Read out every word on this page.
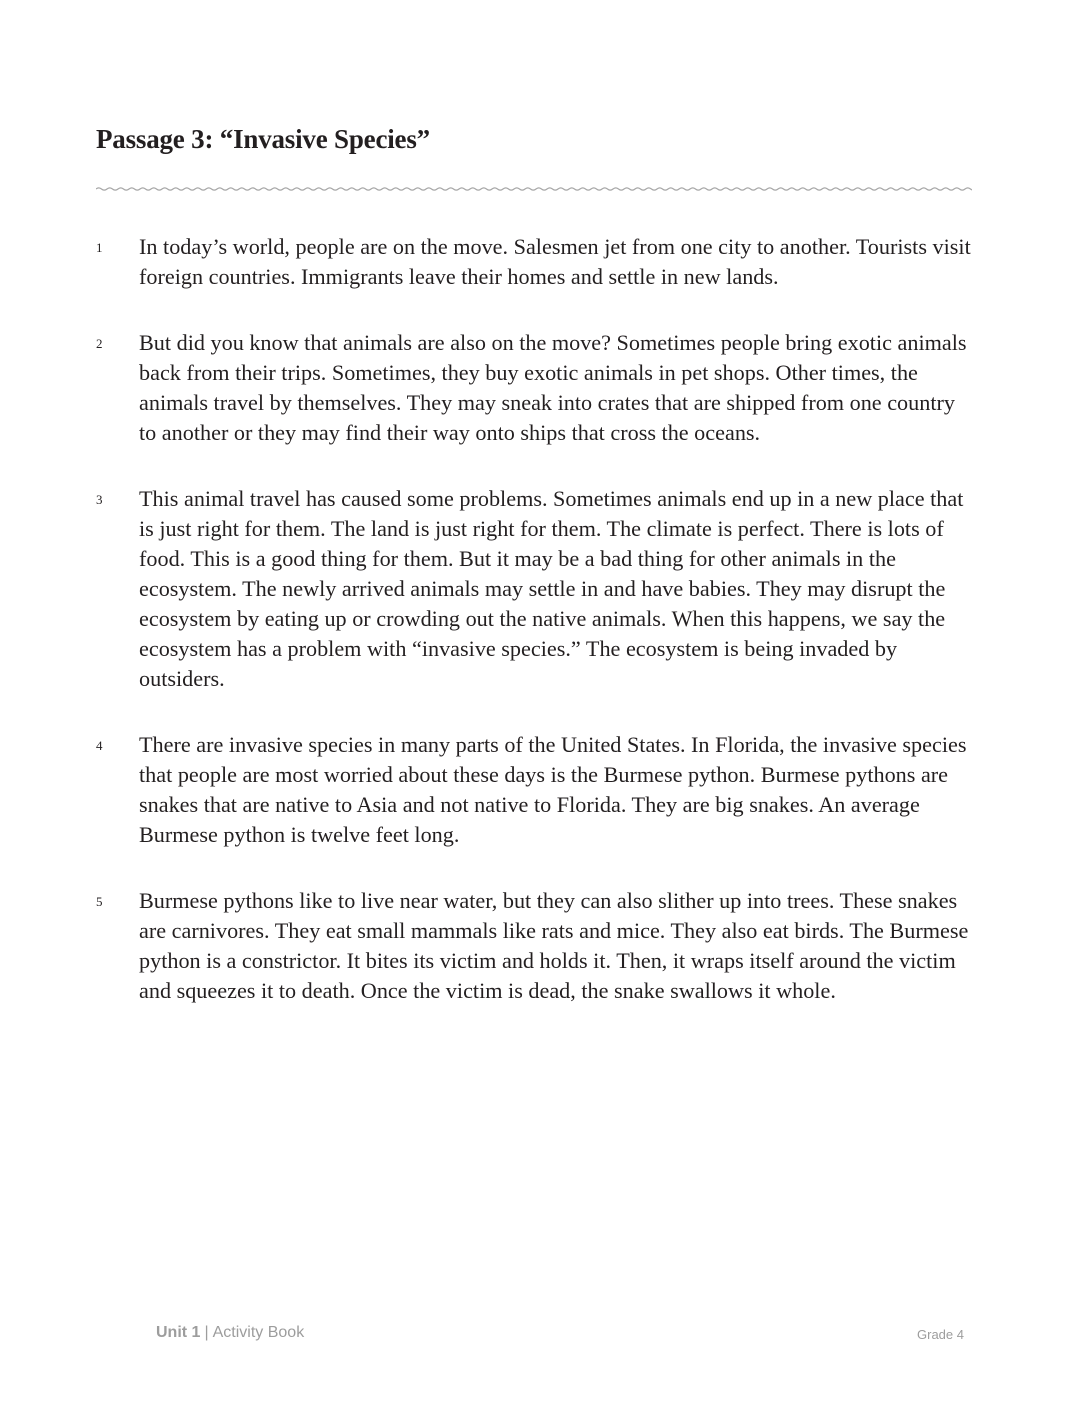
Passage 3: “Invasive Species”
1 In today’s world, people are on the move. Salesmen jet from one city to another. Tourists visit foreign countries. Immigrants leave their homes and settle in new lands.

2 But did you know that animals are also on the move? Sometimes people bring exotic animals back from their trips. Sometimes, they buy exotic animals in pet shops. Other times, the animals travel by themselves. They may sneak into crates that are shipped from one country to another or they may find their way onto ships that cross the oceans.

3 This animal travel has caused some problems. Sometimes animals end up in a new place that is just right for them. The land is just right for them. The climate is perfect. There is lots of food. This is a good thing for them. But it may be a bad thing for other animals in the ecosystem. The newly arrived animals may settle in and have babies. They may disrupt the ecosystem by eating up or crowding out the native animals. When this happens, we say the ecosystem has a problem with “invasive species.” The ecosystem is being invaded by outsiders.

4 There are invasive species in many parts of the United States. In Florida, the invasive species that people are most worried about these days is the Burmese python. Burmese pythons are snakes that are native to Asia and not native to Florida. They are big snakes. An average Burmese python is twelve feet long.

5 Burmese pythons like to live near water, but they can also slither up into trees. These snakes are carnivores. They eat small mammals like rats and mice. They also eat birds. The Burmese python is a constrictor. It bites its victim and holds it. Then, it wraps itself around the victim and squeezes it to death. Once the victim is dead, the snake swallows it whole.

Unit 1 | Activity Book	Grade 4
